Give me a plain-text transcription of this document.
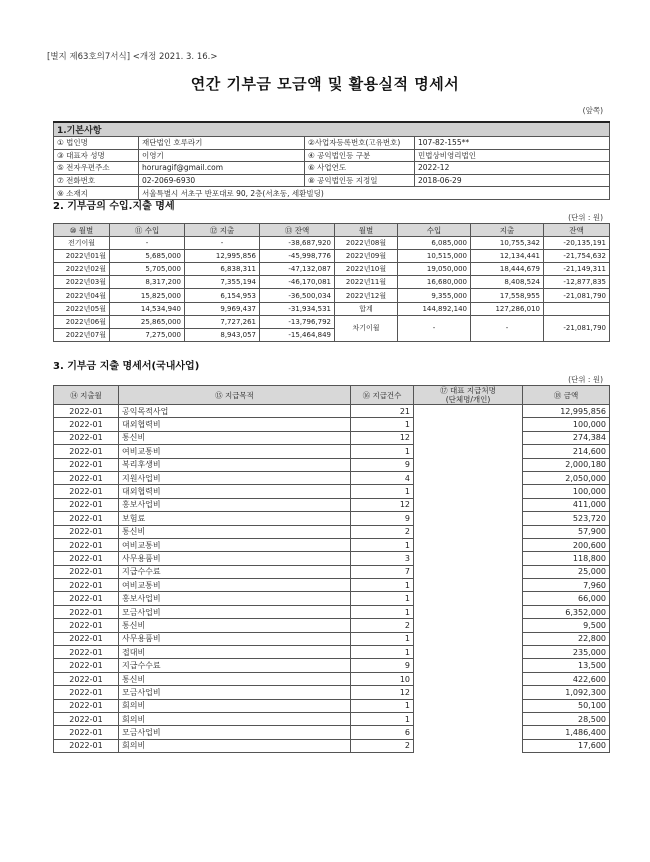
[별지 제63호의7서식] <개정 2021. 3. 16.>
연간 기부금 모금액 및 활용실적 명세서
(앞쪽)
1.기본사항			
① 법인명	재단법인 호루라기	②사업자등록번호(고유번호)	107-82-155**
③ 대표자 성명	이영기	④ 공익법인등 구분	민법상비영리법인
⑤ 전자우편주소	horuragif@gmail.com	⑥ 사업연도	2022-12
⑦ 전화번호	02-2069-6930	⑧ 공익법인등 지정일	2018-06-29
⑨ 소재지	서울특별시 서초구 반포대로 90, 2층(서초동, 세환빌딩)		
2. 기부금의 수입.지출 명세
(단위 : 원)
⑩ 월별	⑪ 수입	⑫ 지출	⑬ 잔액	월별	수입	지출	잔액
전기이월	-	-	-38,687,920	2022년08월	6,085,000	10,755,342	-20,135,191
2022년01월	5,685,000	12,995,856	-45,998,776	2022년09월	10,515,000	12,134,441	-21,754,632
2022년02월	5,705,000	6,838,311	-47,132,087	2022년10월	19,050,000	18,444,679	-21,149,311
2022년03월	8,317,200	7,355,194	-46,170,081	2022년11월	16,680,000	8,408,524	-12,877,835
2022년04월	15,825,000	6,154,953	-36,500,034	2022년12월	9,355,000	17,558,955	-21,081,790
2022년05월	14,534,940	9,969,437	-31,934,531	합계	144,892,140	127,286,010	
2022년06월	25,865,000	7,727,261	-13,796,792	차기이월	-	-	-21,081,790
2022년07월	7,275,000	8,943,057	-15,464,849				
3. 기부금 지출 명세서(국내사업)
(단위 : 원)
⑭ 지출월	⑮ 지급목적	⑯ 지급건수	⑰ 대표 지급처명
(단체명/개인)	⑱ 금액
2022-01	공익목적사업	21		12,995,856
2022-01	대외협력비	1		100,000
2022-01	통신비	12		274,384
2022-01	여비교통비	1		214,600
2022-01	복리후생비	9		2,000,180
2022-01	지원사업비	4		2,050,000
2022-01	대외협력비	1		100,000
2022-01	홍보사업비	12		411,000
2022-01	보험료	9		523,720
2022-01	통신비	2		57,900
2022-01	여비교통비	1		200,600
2022-01	사무용품비	3		118,800
2022-01	지급수수료	7		25,000
2022-01	여비교통비	1		7,960
2022-01	홍보사업비	1		66,000
2022-01	모금사업비	1		6,352,000
2022-01	통신비	2		9,500
2022-01	사무용품비	1		22,800
2022-01	접대비	1		235,000
2022-01	지급수수료	9		13,500
2022-01	통신비	10		422,600
2022-01	모금사업비	12		1,092,300
2022-01	회의비	1		50,100
2022-01	회의비	1		28,500
2022-01	모금사업비	6		1,486,400
2022-01	회의비	2		17,600
